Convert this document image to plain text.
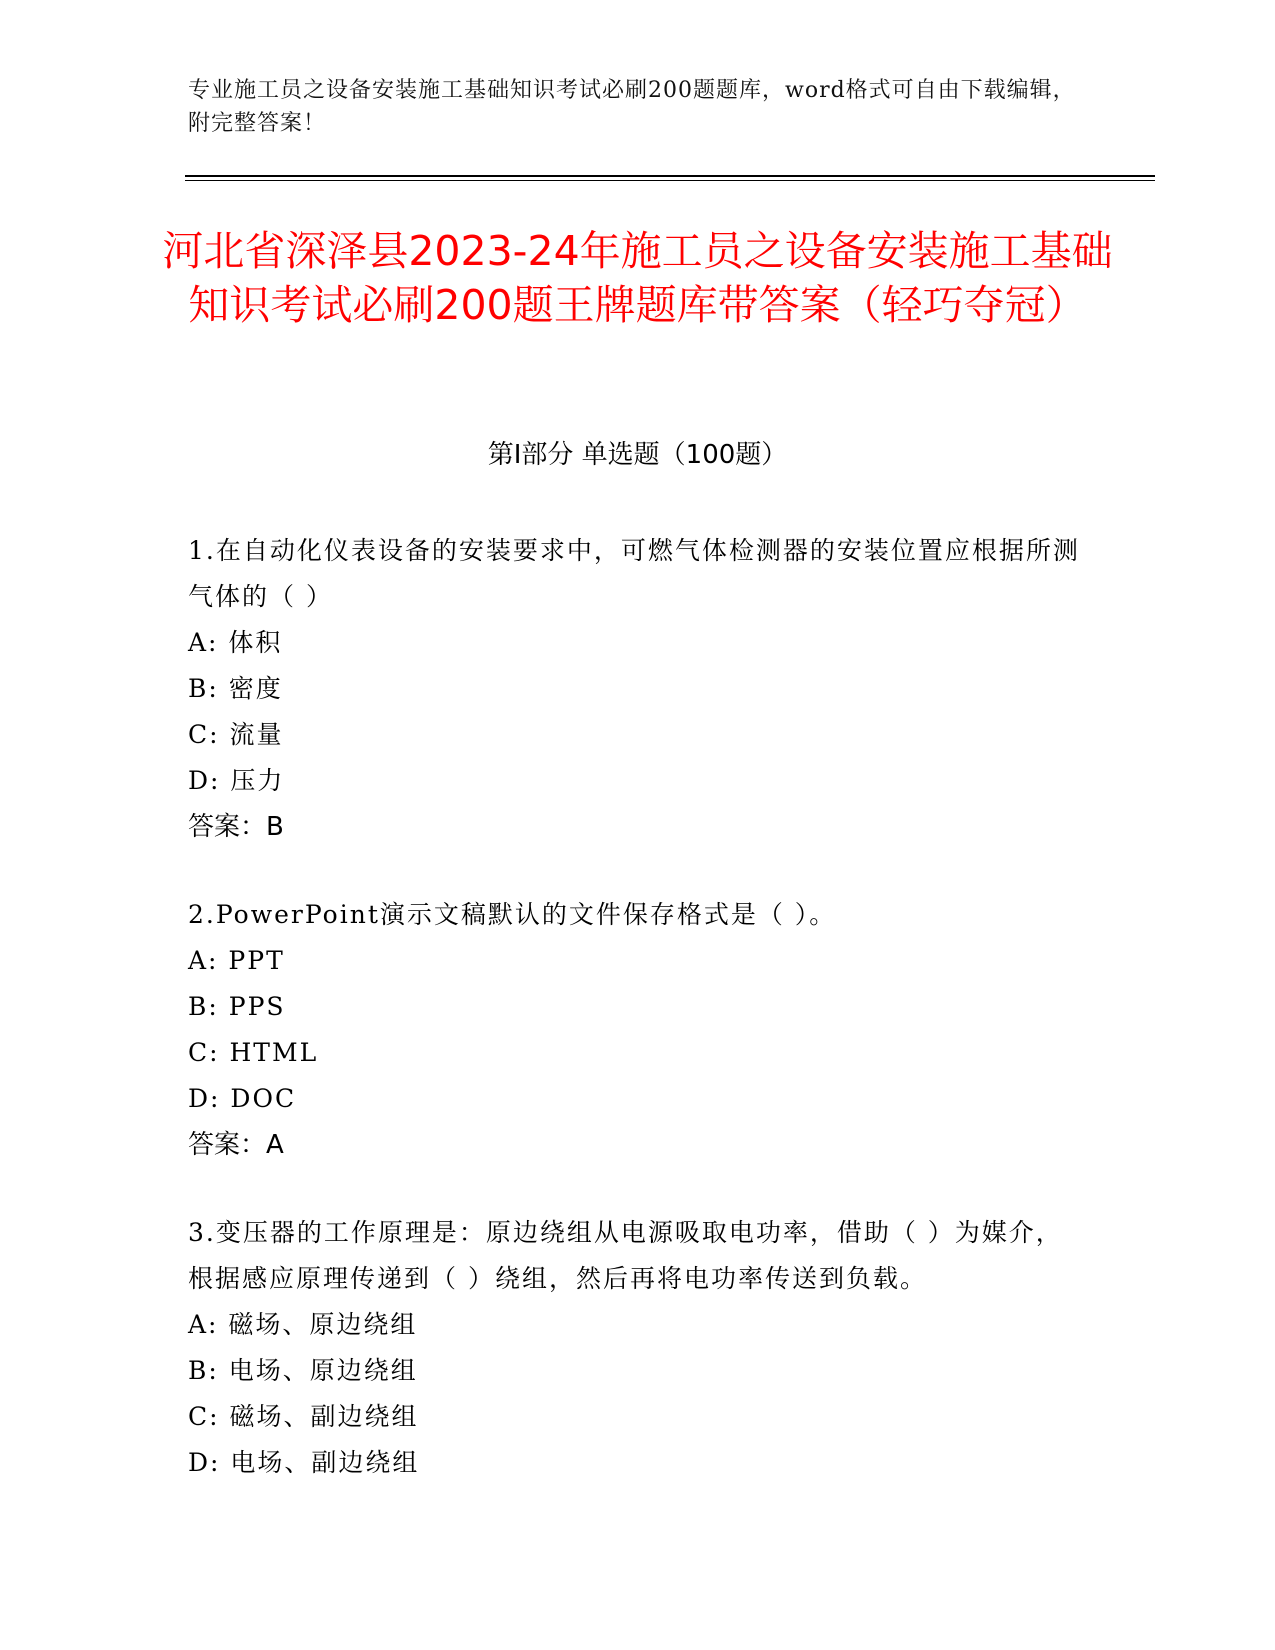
专业施工员之设备安装施工基础知识考试必刷200题题库，word格式可自由下载编辑，附完整答案！
河北省深泽县2023-24年施工员之设备安装施工基础知识考试必刷200题王牌题库带答案（轻巧夺冠）
第Ⅰ部分 单选题（100题）

1.在自动化仪表设备的安装要求中，可燃气体检测器的安装位置应根据所测气体的（ ）

A: 体积

B: 密度

C: 流量

D: 压力

答案：B

2.PowerPoint演示文稿默认的文件保存格式是（ ）。

A: PPT

B: PPS

C: HTML

D: DOC

答案：A

3.变压器的工作原理是：原边绕组从电源吸取电功率，借助（ ）为媒介，根据感应原理传递到（ ）绕组，然后再将电功率传送到负载。

A: 磁场、原边绕组

B: 电场、原边绕组

C: 磁场、副边绕组

D: 电场、副边绕组
